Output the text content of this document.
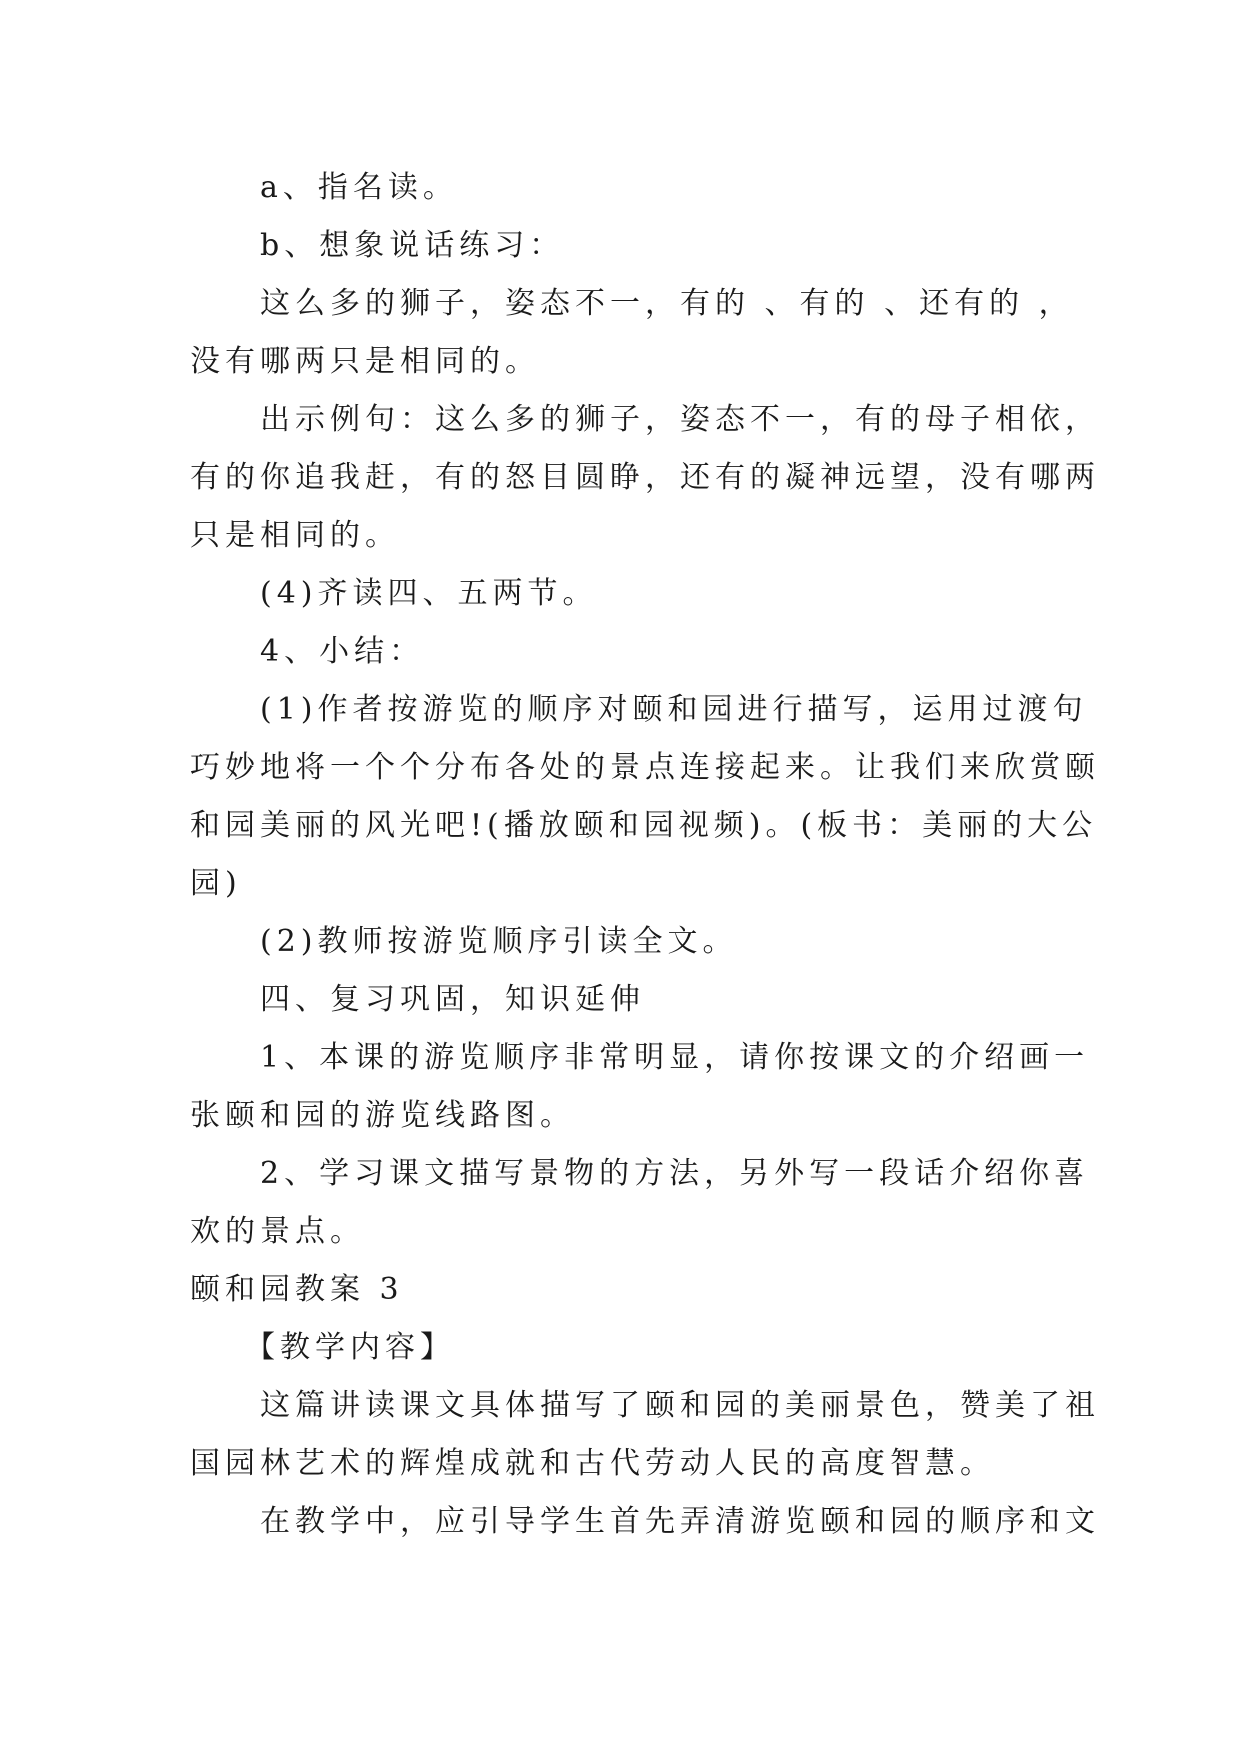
a、指名读。

b、想象说话练习：

这么多的狮子，姿态不一，有的 、有的 、还有的 ，

没有哪两只是相同的。

出示例句：这么多的狮子，姿态不一，有的母子相依，

有的你追我赶，有的怒目圆睁，还有的凝神远望，没有哪两

只是相同的。

(4)齐读四、五两节。

4、小结：

(1)作者按游览的顺序对颐和园进行描写，运用过渡句

巧妙地将一个个分布各处的景点连接起来。让我们来欣赏颐

和园美丽的风光吧!(播放颐和园视频)。(板书：美丽的大公

园)

(2)教师按游览顺序引读全文。

四、复习巩固，知识延伸

1、本课的游览顺序非常明显，请你按课文的介绍画一

张颐和园的游览线路图。

2、学习课文描写景物的方法，另外写一段话介绍你喜

欢的景点。

颐和园教案 3

【教学内容】

这篇讲读课文具体描写了颐和园的美丽景色，赞美了祖

国园林艺术的辉煌成就和古代劳动人民的高度智慧。

在教学中，应引导学生首先弄清游览颐和园的顺序和文
